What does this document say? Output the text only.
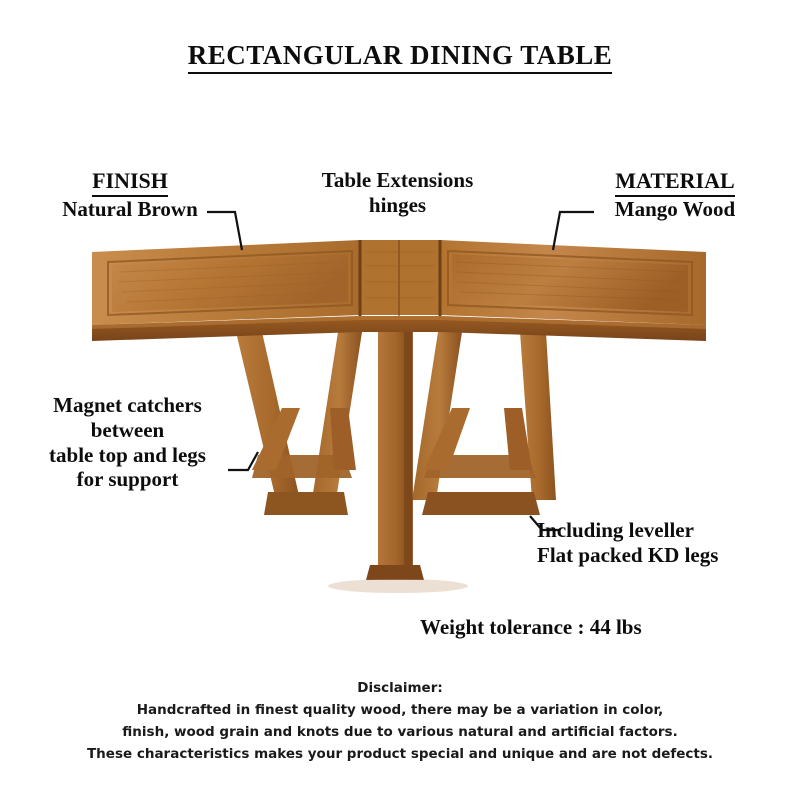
RECTANGULAR DINING TABLE
FINISH
Natural Brown
Table Extensions
hinges
MATERIAL
Mango Wood
Magnet catchers
between
table top and legs
for support
Including leveller
Flat packed KD legs
Weight tolerance : 44 lbs
Disclaimer:
Handcrafted in finest quality wood, there may be a variation in color,
finish, wood grain and knots due to various natural and artificial factors.
These characteristics makes your product special and unique and are not defects.
